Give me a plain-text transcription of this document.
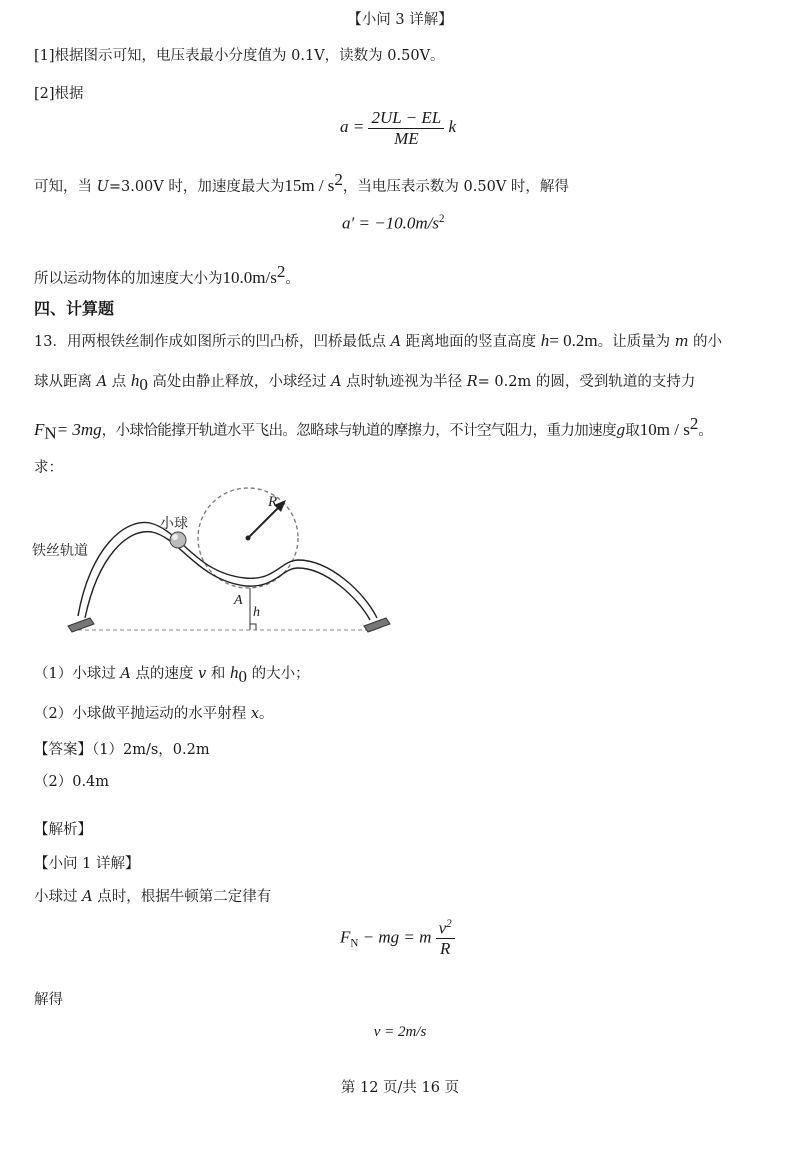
【小问 3 详解】
[1]根据图示可知，电压表最小分度值为 0.1V，读数为 0.50V。
[2]根据
$a = \frac{2UL - EL}{ME}$ k
可知，当 U=3.00V 时，加速度最大为$15m / s^2$，当电压表示数为 0.50V 时，解得
$a' = -10.0m/s^2$
所以运动物体的加速度大小为$10.0m/s^2$。
四、计算题
13．用两根铁丝制作成如图所示的凹凸桥，凹桥最低点 A 距离地面的竖直高度 h= 0.2m。让质量为 m 的小
球从距离 A 点 $h_0$ 高处由静止释放，小球经过 A 点时轨迹视为半径 R= 0.2m 的圆，受到轨道的支持力
$F_N= 3mg$，小球恰能撑开轨道水平飞出。忽略球与轨道的摩擦力，不计空气阻力，重力加速度g取$10m / s^2$。
求：
R
A
h
小球
铁丝轨道
（1）小球过 A 点的速度 v 和 $h_0$ 的大小；
（2）小球做平抛运动的水平射程 x。
【答案】（1）2m/s，0.2m
（2）0.4m
【解析】
【小问 1 详解】
小球过 A 点时，根据牛顿第二定律有
$F_N$ − mg = m $\frac{v^2}{R}$
解得
v = 2m/s
第 12 页/共 16 页
